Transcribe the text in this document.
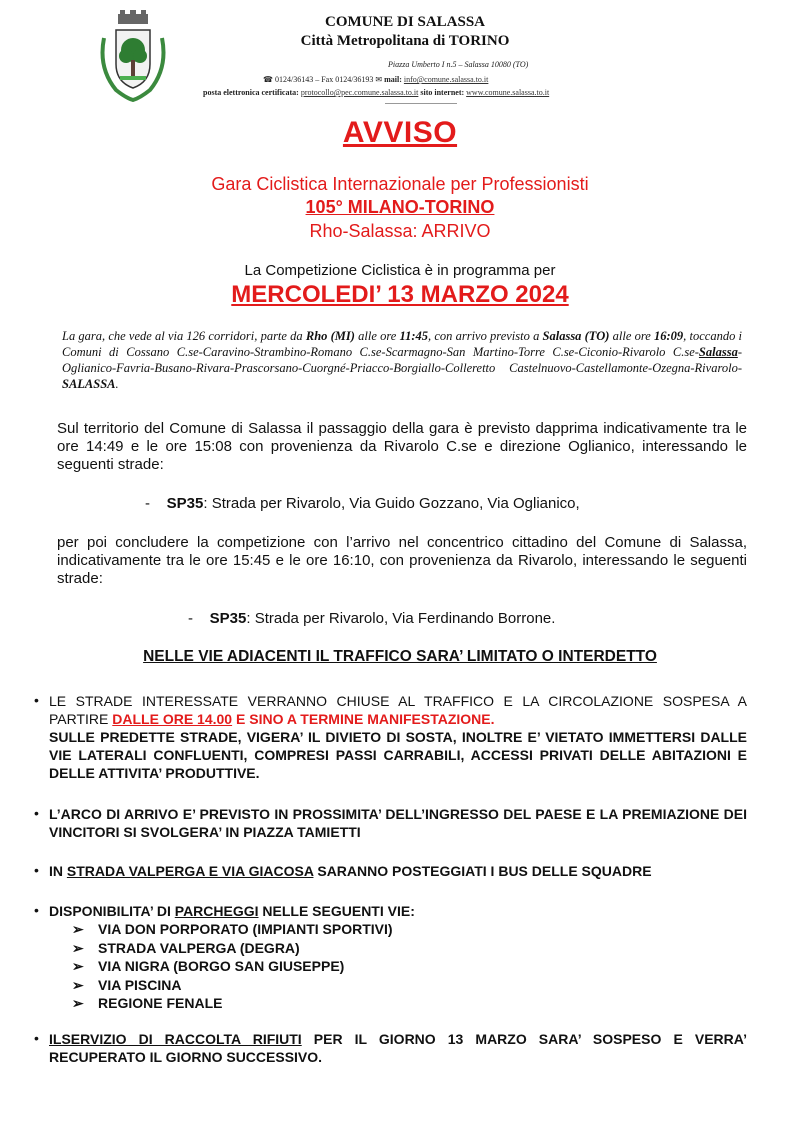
COMUNE DI SALASSA
Città Metropolitana di TORINO
Piazza Umberto I n.5 – Salassa 10080 (TO)
☎ 0124/36143 – Fax 0124/36193 ✉ mail: info@comune.salassa.to.it
posta elettronica certificata: protocollo@pec.comune.salassa.to.it sito internet: www.comune.salassa.to.it
AVVISO
Gara Ciclistica Internazionale per Professionisti
105° MILANO-TORINO
Rho-Salassa: ARRIVO
La Competizione Ciclistica è in programma per
MERCOLEDI’ 13 MARZO 2024
La gara, che vede al via 126 corridori, parte da Rho (MI) alle ore 11:45, con arrivo previsto a Salassa (TO) alle ore 16:09, toccando i Comuni di Cossano C.se-Caravino-Strambino-Romano C.se-Scarmagno-San Martino-Torre C.se-Ciconio-Rivarolo C.se-Salassa-Oglianico-Favria-Busano-Rivara-Prascorsano-Cuorgné-Priacco-Borgiallo-Colleretto Castelnuovo-Castellamonte-Ozegna-Rivarolo-SALASSA.
Sul territorio del Comune di Salassa il passaggio della gara è previsto dapprima indicativamente tra le ore 14:49 e le ore 15:08 con provenienza da Rivarolo C.se e direzione Oglianico, interessando le seguenti strade:
- SP35: Strada per Rivarolo, Via Guido Gozzano, Via Oglianico,
per poi concludere la competizione con l’arrivo nel concentrico cittadino del Comune di Salassa, indicativamente tra le ore 15:45 e le ore 16:10, con provenienza da Rivarolo, interessando le seguenti strade:
- SP35: Strada per Rivarolo, Via Ferdinando Borrone.
NELLE VIE ADIACENTI IL TRAFFICO SARA’ LIMITATO O INTERDETTO
• LE STRADE INTERESSATE VERRANNO CHIUSE AL TRAFFICO E LA CIRCOLAZIONE SOSPESA A PARTIRE DALLE ORE 14.00 E SINO A TERMINE MANIFESTAZIONE.
SULLE PREDETTE STRADE, VIGERA’ IL DIVIETO DI SOSTA, INOLTRE E’ VIETATO IMMETTERSI DALLE VIE LATERALI CONFLUENTI, COMPRESI PASSI CARRABILI, ACCESSI PRIVATI DELLE ABITAZIONI E DELLE ATTIVITA’ PRODUTTIVE.
• L’ARCO DI ARRIVO E’ PREVISTO IN PROSSIMITA’ DELL’INGRESSO DEL PAESE E LA PREMIAZIONE DEI VINCITORI SI SVOLGERA’ IN PIAZZA TAMIETTI
• IN STRADA VALPERGA E VIA GIACOSA SARANNO POSTEGGIATI I BUS DELLE SQUADRE
• DISPONIBILITA’ DI PARCHEGGI NELLE SEGUENTI VIE:
➢ VIA DON PORPORATO (IMPIANTI SPORTIVI)
➢ STRADA VALPERGA (DEGRA)
➢ VIA NIGRA (BORGO SAN GIUSEPPE)
➢ VIA PISCINA
➢ REGIONE FENALE
• ILSERVIZIO DI RACCOLTA RIFIUTI PER IL GIORNO 13 MARZO SARA’ SOSPESO E VERRA’ RECUPERATO IL GIORNO SUCCESSIVO.
